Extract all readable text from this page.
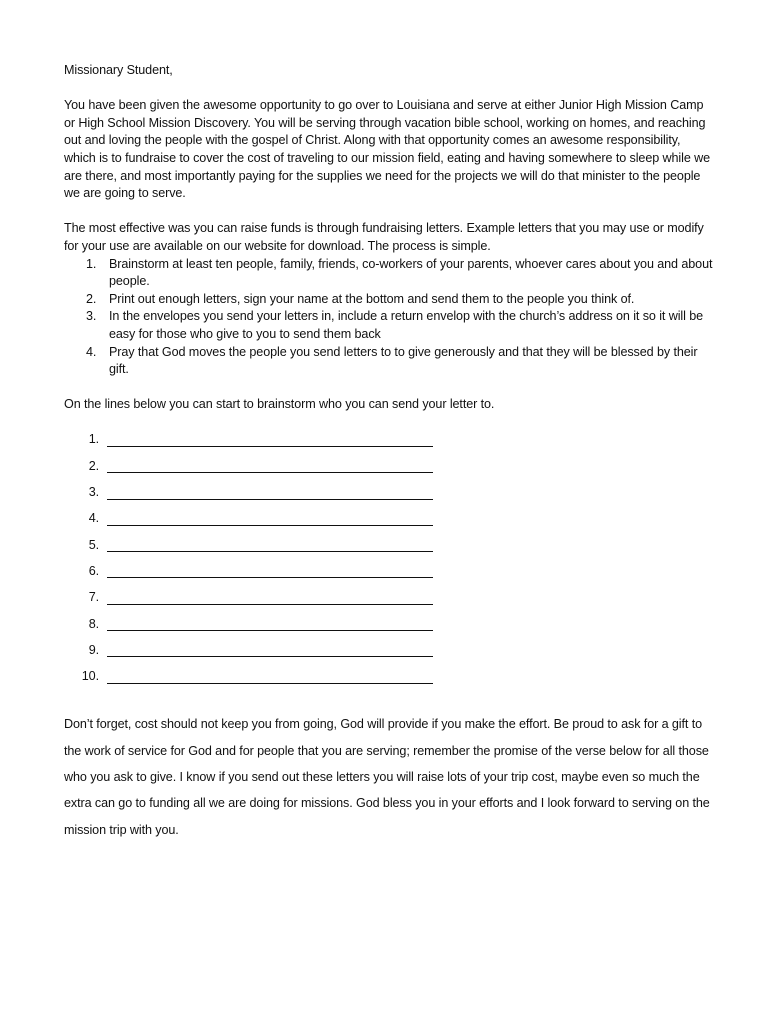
Missionary Student,

You have been given the awesome opportunity to go over to Louisiana and serve at either Junior High Mission Camp or High School Mission Discovery. You will be serving through vacation bible school, working on homes, and reaching out and loving the people with the gospel of Christ. Along with that opportunity comes an awesome responsibility, which is to fundraise to cover the cost of traveling to our mission field, eating and having somewhere to sleep while we are there, and most importantly paying for the supplies we need for the projects we will do that minister to the people we are going to serve.

The most effective was you can raise funds is through fundraising letters. Example letters that you may use or modify for your use are available on our website for download. The process is simple.

1. Brainstorm at least ten people, family, friends, co-workers of your parents, whoever cares about you and about people.
2. Print out enough letters, sign your name at the bottom and send them to the people you think of.
3. In the envelopes you send your letters in, include a return envelop with the church’s address on it so it will be easy for those who give to you to send them back
4. Pray that God moves the people you send letters to to give generously and that they will be blessed by their gift.

On the lines below you can start to brainstorm who you can send your letter to.

1.
2.
3.
4.
5.
6.
7.
8.
9.
10.

Don’t forget, cost should not keep you from going, God will provide if you make the effort. Be proud to ask for a gift to the work of service for God and for people that you are serving; remember the promise of the verse below for all those who you ask to give. I know if you send out these letters you will raise lots of your trip cost, maybe even so much the extra can go to funding all we are doing for missions. God bless you in your efforts and I look forward to serving on the mission trip with you.
